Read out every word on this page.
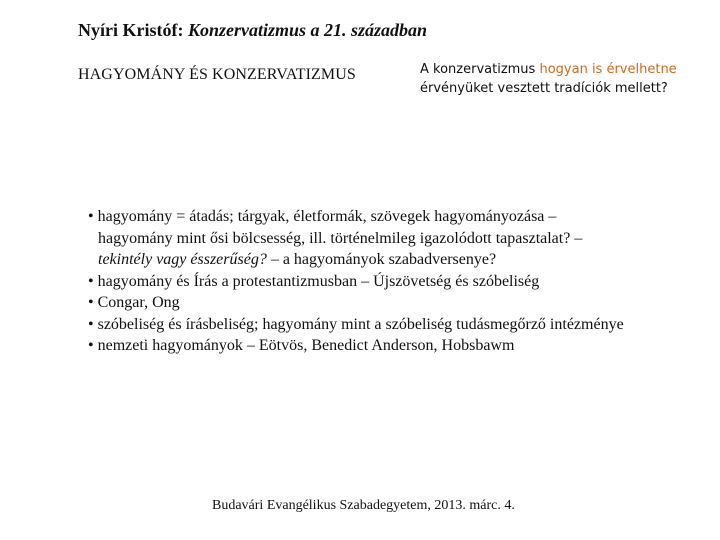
Nyíri Kristóf: Konzervatizmus a 21. században
HAGYOMÁNY ÉS KONZERVATIZMUS	A konzervatizmus hogyan is érvelhetne érvényüket vesztett tradíciók mellett?
• hagyomány = átadás; tárgyak, életformák, szövegek hagyományozása – hagyomány mint ősi bölcsesség, ill. történelmileg igazolódott tapasztalat? – tekintély vagy ésszerűség? – a hagyományok szabadversenye?
• hagyomány és Írás a protestantizmusban – Újszövetség és szóbeliség
• Congar, Ong
• szóbeliség és írásbeliség; hagyomány mint a szóbeliség tudásmegőrző intézménye
• nemzeti hagyományok – Eötvös, Benedict Anderson, Hobsbawm
Budavári Evangélikus Szabadegyetem, 2013. márc. 4.
